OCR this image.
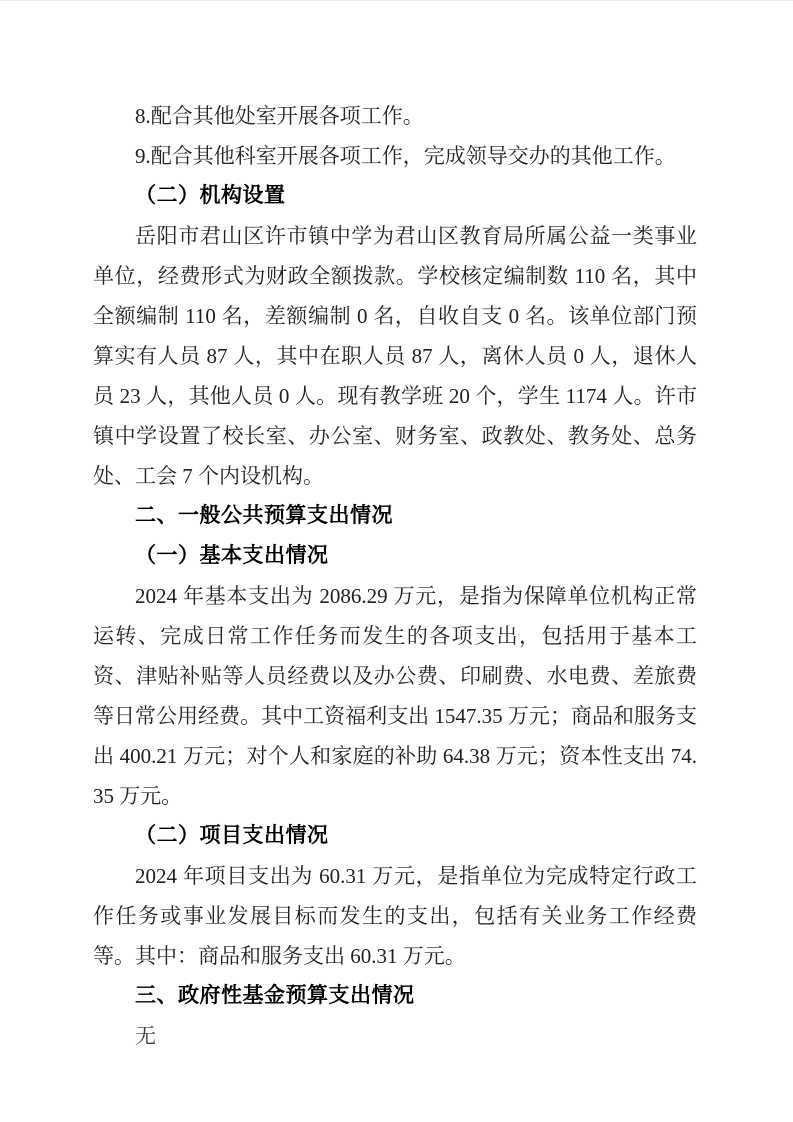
8.配合其他处室开展各项工作。

9.配合其他科室开展各项工作，完成领导交办的其他工作。

（二）机构设置

岳阳市君山区许市镇中学为君山区教育局所属公益一类事业单位，经费形式为财政全额拨款。学校核定编制数 110 名，其中全额编制 110 名，差额编制 0 名，自收自支 0 名。该单位部门预算实有人员 87 人，其中在职人员 87 人，离休人员 0 人，退休人员 23 人，其他人员 0 人。现有教学班 20 个，学生 1174 人。许市镇中学设置了校长室、办公室、财务室、政教处、教务处、总务处、工会 7 个内设机构。

二、一般公共预算支出情况

（一）基本支出情况

2024 年基本支出为 2086.29 万元，是指为保障单位机构正常运转、完成日常工作任务而发生的各项支出，包括用于基本工资、津贴补贴等人员经费以及办公费、印刷费、水电费、差旅费等日常公用经费。其中工资福利支出 1547.35 万元；商品和服务支出 400.21 万元；对个人和家庭的补助 64.38 万元；资本性支出 74.35 万元。

（二）项目支出情况

2024 年项目支出为 60.31 万元，是指单位为完成特定行政工作任务或事业发展目标而发生的支出，包括有关业务工作经费等。其中：商品和服务支出 60.31 万元。

三、政府性基金预算支出情况

无
